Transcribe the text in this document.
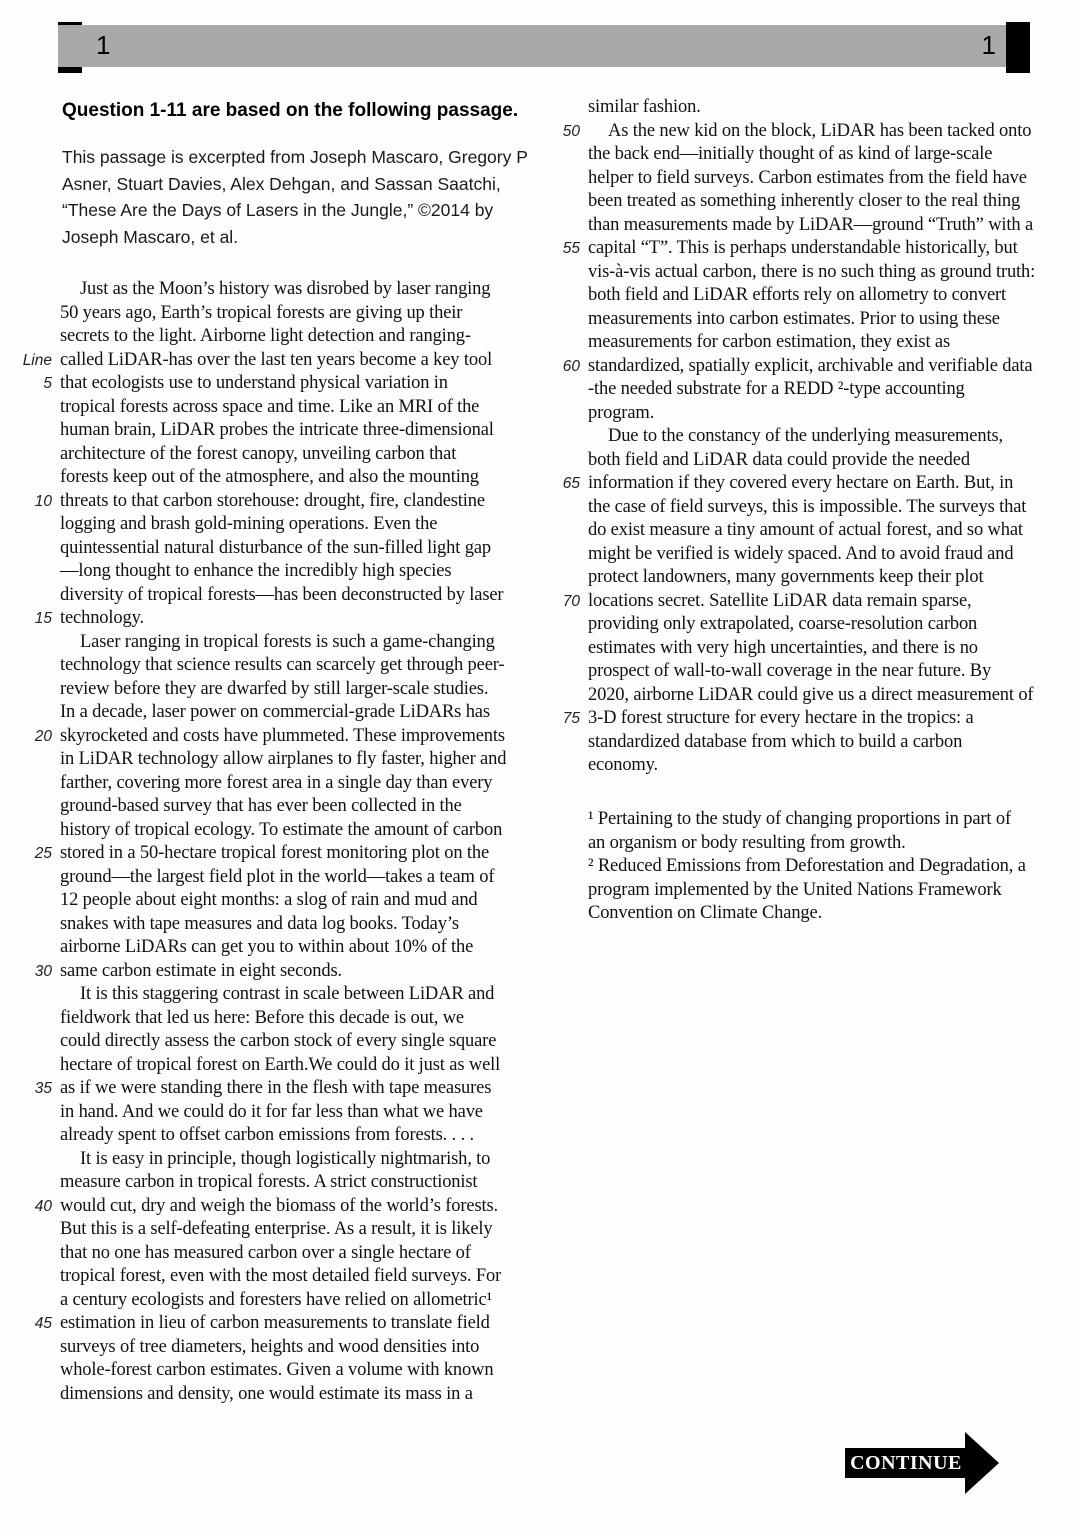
1	1
Question 1-11 are based on the following passage.
This passage is excerpted from Joseph Mascaro, Gregory P
Asner, Stuart Davies, Alex Dehgan, and Sassan Saatchi,
“These Are the Days of Lasers in the Jungle,” ©2014 by
Joseph Mascaro, et al.
Just as the Moon’s history was disrobed by laser ranging
50 years ago, Earth’s tropical forests are giving up their
secrets to the light. Airborne light detection and ranging-
Line called LiDAR-has over the last ten years become a key tool
5 that ecologists use to understand physical variation in
tropical forests across space and time. Like an MRI of the
human brain, LiDAR probes the intricate three-dimensional
architecture of the forest canopy, unveiling carbon that
forests keep out of the atmosphere, and also the mounting
10 threats to that carbon storehouse: drought, fire, clandestine
logging and brash gold-mining operations. Even the
quintessential natural disturbance of the sun-filled light gap
—long thought to enhance the incredibly high species
diversity of tropical forests—has been deconstructed by laser
15 technology.
Laser ranging in tropical forests is such a game-changing
technology that science results can scarcely get through peer-
review before they are dwarfed by still larger-scale studies.
In a decade, laser power on commercial-grade LiDARs has
20 skyrocketed and costs have plummeted. These improvements
in LiDAR technology allow airplanes to fly faster, higher and
farther, covering more forest area in a single day than every
ground-based survey that has ever been collected in the
history of tropical ecology. To estimate the amount of carbon
25 stored in a 50-hectare tropical forest monitoring plot on the
ground—the largest field plot in the world—takes a team of
12 people about eight months: a slog of rain and mud and
snakes with tape measures and data log books. Today’s
airborne LiDARs can get you to within about 10% of the
30 same carbon estimate in eight seconds.
It is this staggering contrast in scale between LiDAR and
fieldwork that led us here: Before this decade is out, we
could directly assess the carbon stock of every single square
hectare of tropical forest on Earth.We could do it just as well
35 as if we were standing there in the flesh with tape measures
in hand. And we could do it for far less than what we have
already spent to offset carbon emissions from forests. . . .
It is easy in principle, though logistically nightmarish, to
measure carbon in tropical forests. A strict constructionist
40 would cut, dry and weigh the biomass of the world’s forests.
But this is a self-defeating enterprise. As a result, it is likely
that no one has measured carbon over a single hectare of
tropical forest, even with the most detailed field surveys. For
a century ecologists and foresters have relied on allometric¹
45 estimation in lieu of carbon measurements to translate field
surveys of tree diameters, heights and wood densities into
whole-forest carbon estimates. Given a volume with known
dimensions and density, one would estimate its mass in a
similar fashion.
50	As the new kid on the block, LiDAR has been tacked onto
the back end—initially thought of as kind of large-scale
helper to field surveys. Carbon estimates from the field have
been treated as something inherently closer to the real thing
than measurements made by LiDAR—ground “Truth” with a
55 capital “T”. This is perhaps understandable historically, but
vis-à-vis actual carbon, there is no such thing as ground truth:
both field and LiDAR efforts rely on allometry to convert
measurements into carbon estimates. Prior to using these
measurements for carbon estimation, they exist as
60 standardized, spatially explicit, archivable and verifiable data
-the needed substrate for a REDD ²-type accounting
program.
Due to the constancy of the underlying measurements,
both field and LiDAR data could provide the needed
65 information if they covered every hectare on Earth. But, in
the case of field surveys, this is impossible. The surveys that
do exist measure a tiny amount of actual forest, and so what
might be verified is widely spaced. And to avoid fraud and
protect landowners, many governments keep their plot
70 locations secret. Satellite LiDAR data remain sparse,
providing only extrapolated, coarse-resolution carbon
estimates with very high uncertainties, and there is no
prospect of wall-to-wall coverage in the near future. By
2020, airborne LiDAR could give us a direct measurement of
75 3-D forest structure for every hectare in the tropics: a
standardized database from which to build a carbon
economy.
¹ Pertaining to the study of changing proportions in part of
an organism or body resulting from growth.
² Reduced Emissions from Deforestation and Degradation, a
program implemented by the United Nations Framework
Convention on Climate Change.
CONTINUE
